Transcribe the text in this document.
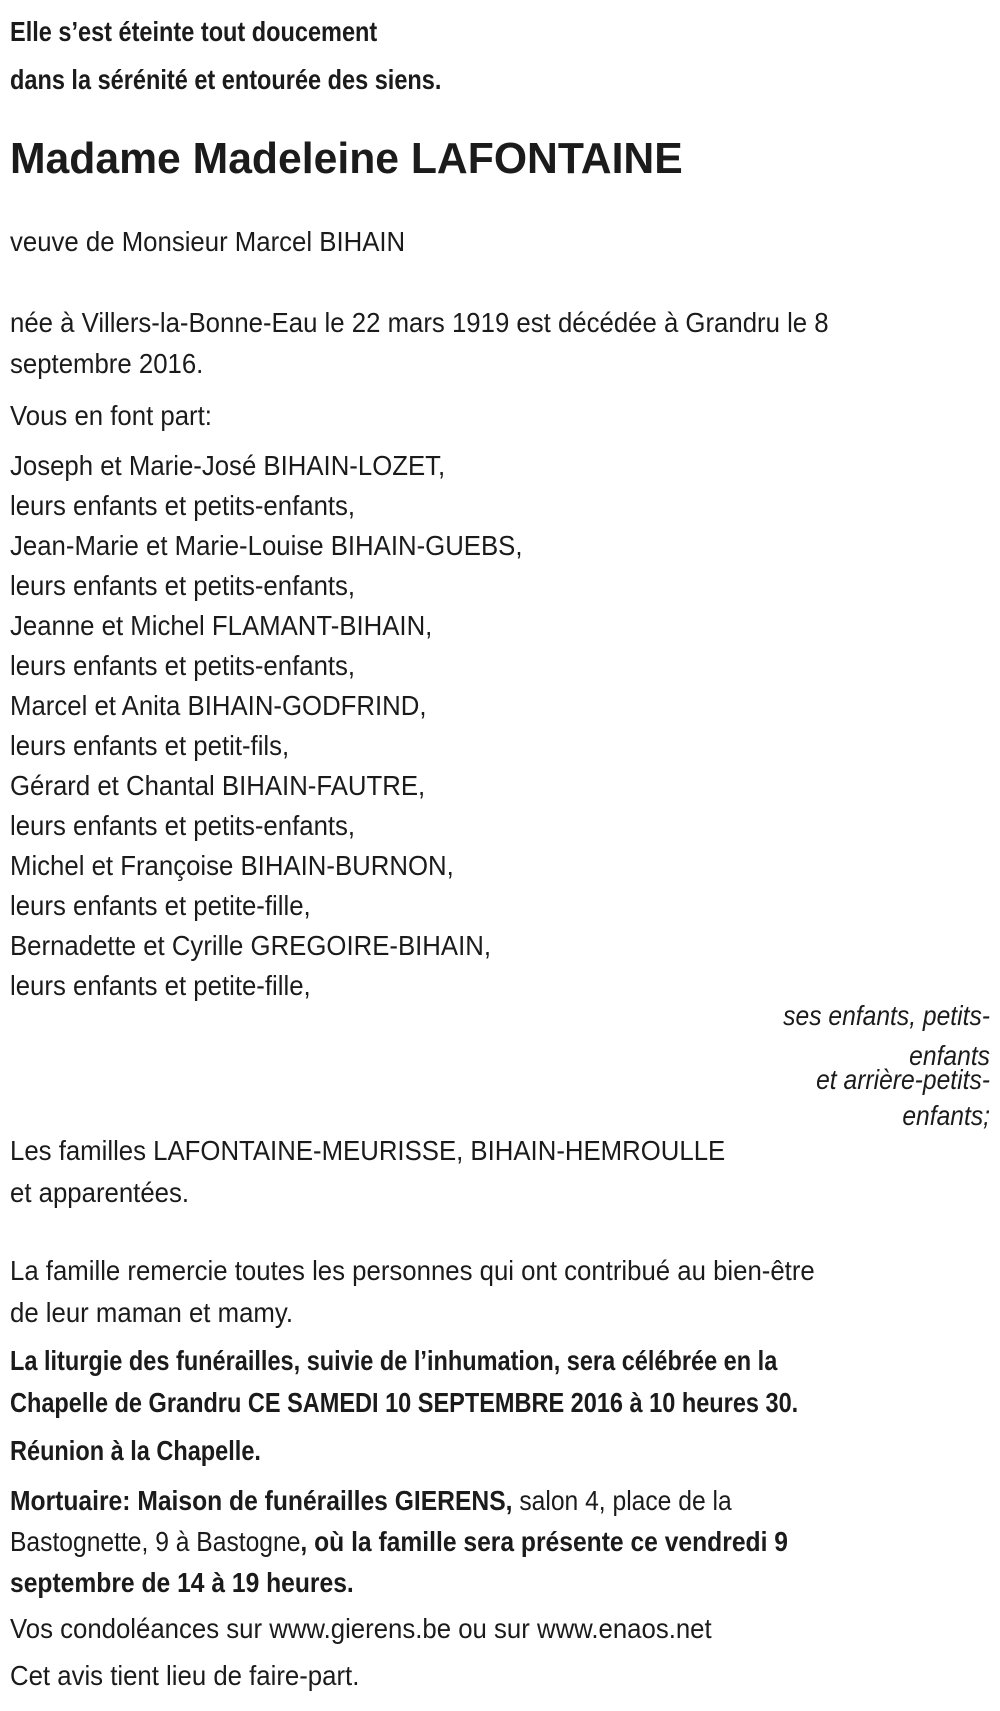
Elle s’est éteinte tout doucement
dans la sérénité et entourée des siens.
Madame Madeleine LAFONTAINE
veuve de Monsieur Marcel BIHAIN
née à Villers-la-Bonne-Eau le 22 mars 1919 est décédée à Grandru le 8
septembre 2016.
Vous en font part:
Joseph et Marie-José BIHAIN-LOZET,
leurs enfants et petits-enfants,
Jean-Marie et Marie-Louise BIHAIN-GUEBS,
leurs enfants et petits-enfants,
Jeanne et Michel FLAMANT-BIHAIN,
leurs enfants et petits-enfants,
Marcel et Anita BIHAIN-GODFRIND,
leurs enfants et petit-fils,
Gérard et Chantal BIHAIN-FAUTRE,
leurs enfants et petits-enfants,
Michel et Françoise BIHAIN-BURNON,
leurs enfants et petite-fille,
Bernadette et Cyrille GREGOIRE-BIHAIN,
leurs enfants et petite-fille,
ses enfants, petits-
enfants
et arrière-petits-
enfants;
Les familles LAFONTAINE-MEURISSE, BIHAIN-HEMROULLE
et apparentées.
La famille remercie toutes les personnes qui ont contribué au bien-être
de leur maman et mamy.
La liturgie des funérailles, suivie de l’inhumation, sera célébrée en la
Chapelle de Grandru CE SAMEDI 10 SEPTEMBRE 2016 à 10 heures 30.
Réunion à la Chapelle.
Mortuaire: Maison de funérailles GIERENS, salon 4, place de la
Bastognette, 9 à Bastogne, où la famille sera présente ce vendredi 9
septembre de 14 à 19 heures.
Vos condoléances sur www.gierens.be ou sur www.enaos.net
Cet avis tient lieu de faire-part.
